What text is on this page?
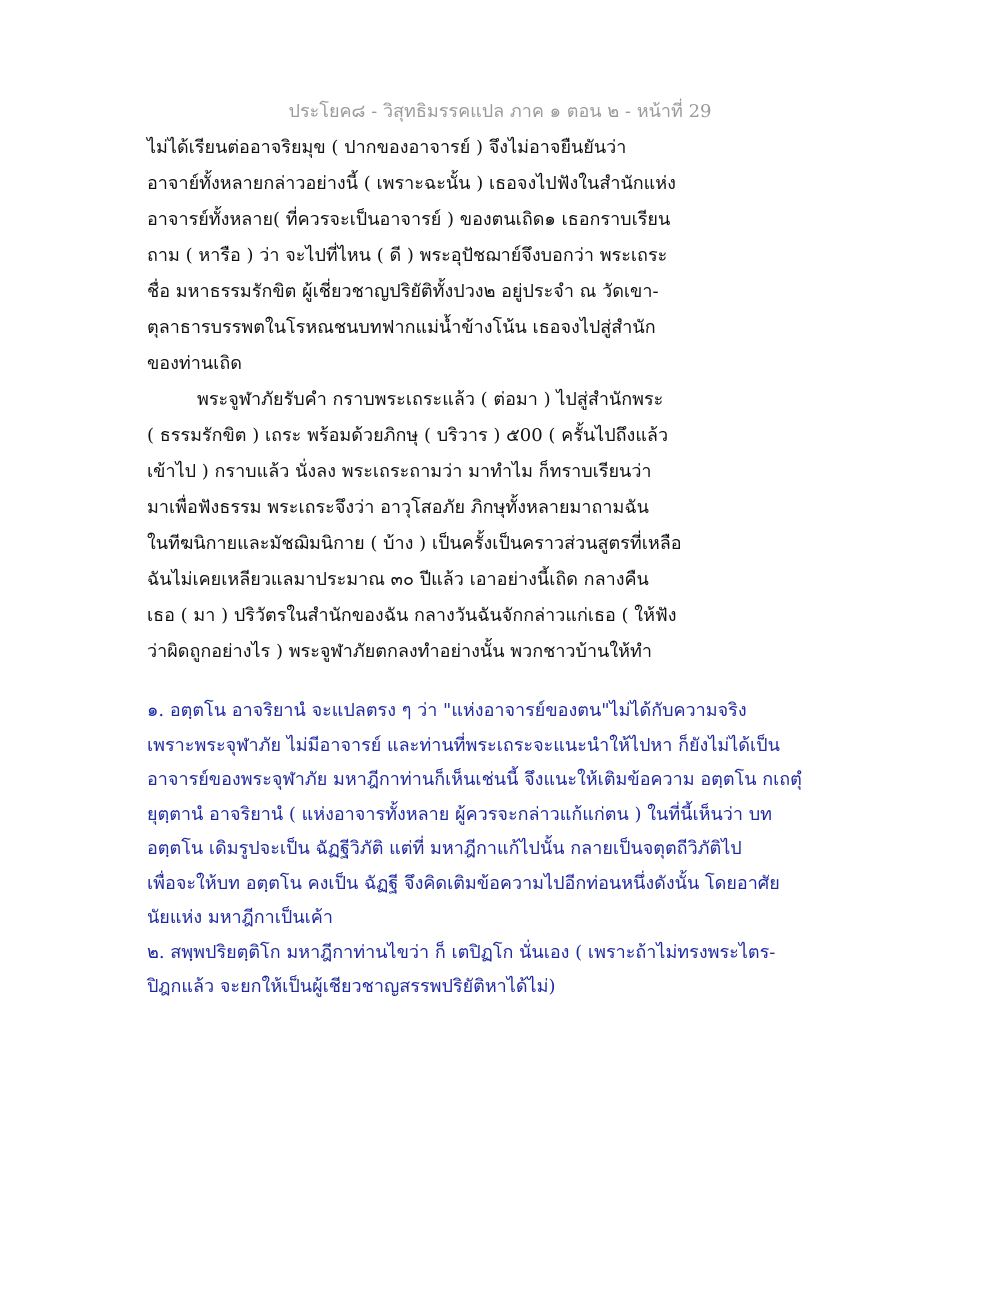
ประโยค๘ - วิสุทธิมรรคแปล ภาค ๑ ตอน ๒ - หน้าที่ 29
ไม่ได้เรียนต่ออาจริยมุข ( ปากของอาจารย์ ) จึงไม่อาจยืนยันว่า
อาจาย์ทั้งหลายกล่าวอย่างนี้ ( เพราะฉะนั้น ) เธอจงไปฟังในสำนักแห่ง
อาจารย์ทั้งหลาย( ที่ควรจะเป็นอาจารย์ ) ของตนเถิด๑ เธอกราบเรียน
ถาม ( หารือ ) ว่า จะไปที่ไหน ( ดี ) พระอุปัชฌาย์จึงบอกว่า พระเถระ
ชื่อ มหาธรรมรักขิต ผู้เชี่ยวชาญปริยัติทั้งปวง๒ อยู่ประจำ ณ วัดเขา-
ตุลาธารบรรพตในโรหณชนบทฟากแม่น้ำข้างโน้น เธอจงไปสู่สำนัก
ของท่านเถิด
พระจูฬาภัยรับคำ กราบพระเถระแล้ว ( ต่อมา ) ไปสู่สำนักพระ
( ธรรมรักขิต ) เถระ พร้อมด้วยภิกษุ ( บริวาร ) ๕00 ( ครั้นไปถึงแล้ว
เข้าไป ) กราบแล้ว นั่งลง พระเถระถามว่า มาทำไม ก็ทราบเรียนว่า
มาเพื่อฟังธรรม พระเถระจึงว่า อาวุโสอภัย ภิกษุทั้งหลายมาถามฉัน
ในทีฆนิกายและมัชฌิมนิกาย ( บ้าง ) เป็นครั้งเป็นคราวส่วนสูตรที่เหลือ
ฉันไม่เคยเหลียวแลมาประมาณ ๓๐ ปีแล้ว เอาอย่างนี้เถิด กลางคืน
เธอ ( มา ) ปริวัตรในสำนักของฉัน กลางวันฉันจักกล่าวแก่เธอ ( ให้ฟัง
ว่าผิดถูกอย่างไร ) พระจูฬาภัยตกลงทำอย่างนั้น พวกชาวบ้านให้ทำ
๑. อตฺตโน อาจริยานํ จะแปลตรง ๆ ว่า "แห่งอาจารย์ของตน"ไม่ได้กับความจริง
เพราะพระจุฬาภัย ไม่มีอาจารย์ และท่านที่พระเถระจะแนะนำให้ไปหา ก็ยังไม่ได้เป็น
อาจารย์ของพระจุฬาภัย มหาฎีกาท่านก็เห็นเช่นนี้ จึงแนะให้เติมข้อความ อตฺตโน กเถตุํ
ยุตฺตานํ อาจริยานํ ( แห่งอาจารทั้งหลาย ผู้ควรจะกล่าวแก้แก่ตน ) ในที่นี้เห็นว่า บท
อตฺตโน เดิมรูปจะเป็น ฉัฏฐีวิภัติ แต่ที่ มหาฎีกาแก้ไปนั้น กลายเป็นจตุตถีวิภัติไป
เพื่อจะให้บท อตฺตโน คงเป็น ฉัฏฐี จึงคิดเติมข้อความไปอีกท่อนหนึ่งดังนั้น โดยอาศัย
นัยแห่ง มหาฎีกาเป็นเค้า
๒. สพฺพปริยตฺติโก มหาฎีกาท่านไขว่า ก็ เตปิฏโก นั่นเอง ( เพราะถ้าไม่ทรงพระไตร-
ปิฎกแล้ว จะยกให้เป็นผู้เชียวชาญสรรพปริยัติหาได้ไม่)
